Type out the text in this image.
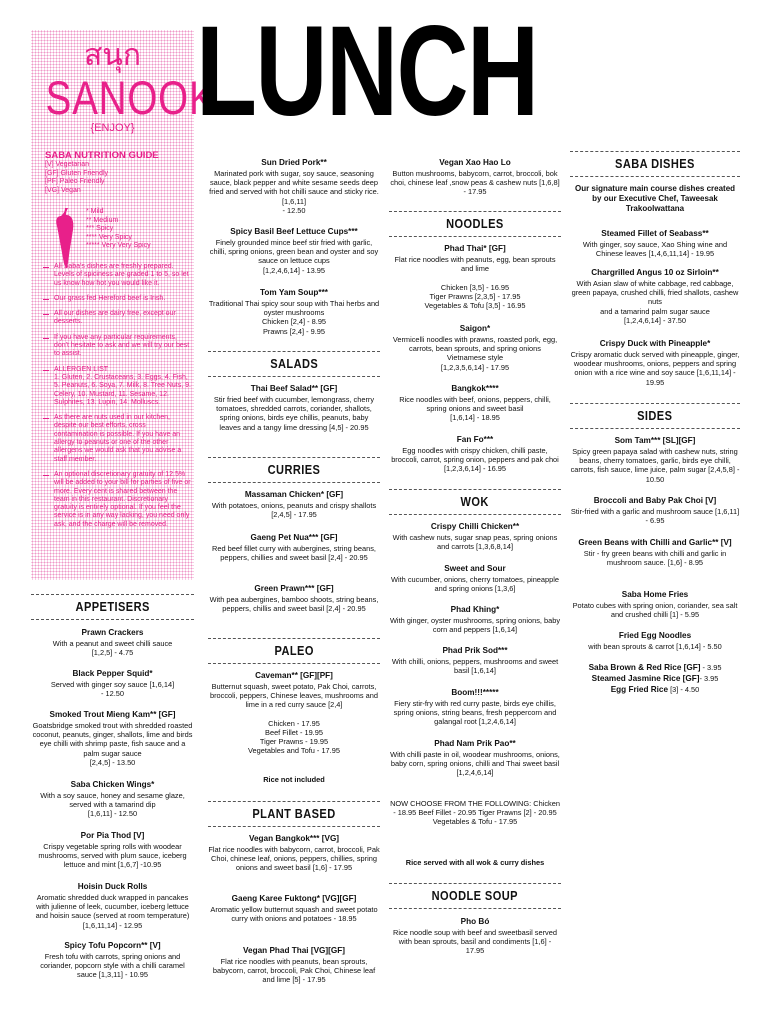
สนุก
SANOOK
{ENJOY}
SABA NUTRITION GUIDE
[V] Vegetarian
[GF] Gluten Friendly
[PF] Paleo Friendly
[VG] Vegan
* Mild
** Medium
*** Spicy
**** Very Spicy
***** Very Very Spicy
All Saba's dishes are freshly prepared. Levels of spiciness are graded 1 to 5, so let us know how hot you would like it.
Our grass fed Hereford beef is Irish.
All our dishes are dairy free, except our desserts.
If you have any particular requirements, don't hesitate to ask and we will try our best to assist.
ALLERGEN LIST
1. Gluten, 2. Crustaceans, 3. Eggs, 4. Fish, 5. Peanuts, 6. Soya, 7. Milk, 8. Tree Nuts, 9. Celery, 10. Mustard, 11. Sesame, 12. Sulphites, 13. Lupin, 14. Molluscs.
As there are nuts used in our kitchen, despite our best efforts, cross contamination is possible. If you have an allergy to peanuts or one of the other allergens we would ask that you advise a staff member.
An optional discretionary gratuity of 12.5% will be added to your bill for parties of five or more. Every cent is shared between the team in this restaurant. Discretionary gratuity is entirely optional. If you feel the service is in any way lacking, you need only ask, and the charge will be removed.
LUNCH
APPETISERS
Prawn Crackers
With a peanut and sweet chilli sauce
[1,2,5] - 4.75
Black Pepper Squid*
Served with ginger soy sauce [1,6,14]
- 12.50
Smoked Trout Mieng Kam** [GF]
Goatsbridge smoked trout with shredded roasted coconut, peanuts, ginger, shallots, lime and birds eye chilli with shrimp paste, fish sauce and a palm sugar sauce
[2,4,5] - 13.50
Saba Chicken Wings*
With a soy sauce, honey and sesame glaze, served with a tamarind dip
[1,6,11] - 12.50
Por Pia Thod [V]
Crispy vegetable spring rolls with woodear mushrooms, served with plum sauce, iceberg lettuce and mint [1,6,7] -10.95
Hoisin Duck Rolls
Aromatic shredded duck wrapped in pancakes with julienne of leek, cucumber, iceberg lettuce and hoisin sauce (served at room temperature) [1,6,11,14] - 12.95
Spicy Tofu Popcorn** [V]
Fresh tofu with carrots, spring onions and coriander, popcorn style with a chilli caramel sauce [1,3,11] - 10.95
Sun Dried Pork**
Marinated pork with sugar, soy sauce, seasoning sauce, black pepper and white sesame seeds deep fried and served with hot chilli sauce and sticky rice. [1,6,11]
- 12.50
Spicy Basil Beef Lettuce Cups***
Finely grounded mince beef stir fried with garlic, chilli, spring onions, green bean and oyster and soy sauce on lettuce cups
[1,2,4,6,14] - 13.95
Tom Yam Soup***
Traditional Thai spicy sour soup with Thai herbs and oyster mushrooms
Chicken [2,4] - 8.95
Prawns [2,4] - 9.95
SALADS
Thai Beef Salad** [GF]
Stir fried beef with cucumber, lemongrass, cherry tomatoes, shredded carrots, coriander, shallots, spring onions, birds eye chillis, peanuts, baby leaves and a tangy lime dressing [4,5] - 20.95
CURRIES
Massaman Chicken* [GF]
With potatoes, onions, peanuts and crispy shallots [2,4,5] - 17.95
Gaeng Pet Nua*** [GF]
Red beef fillet curry with aubergines, string beans, peppers, chillies and sweet basil [2,4] - 20.95
Green Prawn*** [GF]
With pea aubergines, bamboo shoots, string beans, peppers, chillis and sweet basil [2,4] - 20.95
PALEO
Caveman** [GF][PF]
Butternut squash, sweet potato, Pak Choi, carrots, broccoli, peppers, Chinese leaves, mushrooms and lime in a red curry sauce [2,4]

Chicken - 17.95
Beef Fillet - 19.95
Tiger Prawns - 19.95
Vegetables and Tofu - 17.95
Rice not included
PLANT BASED
Vegan Bangkok*** [VG]
Flat rice noodles with babycorn, carrot, broccoli, Pak Choi, chinese leaf, onions, peppers, chillies, spring onions and sweet basil [1,6] - 17.95
Gaeng Karee Fuktong* [VG][GF]
Aromatic yellow butternut squash and sweet potato curry with onions and potatoes - 18.95
Vegan Phad Thai [VG][GF]
Flat rice noodles with peanuts, bean sprouts, babycorn, carrot, broccoli, Pak Choi, Chinese leaf and lime [5] - 17.95
Vegan Xao Hao Lo
Button mushrooms, babycorn, carrot, broccoli, bok choi, chinese leaf ,snow peas & cashew nuts [1,6,8] - 17.95
NOODLES
Phad Thai* [GF]
Flat rice noodles with peanuts, egg, bean sprouts and lime

Chicken [3,5] - 16.95
Tiger Prawns [2,3,5] - 17.95
Vegetables & Tofu [3,5] - 16.95
Saigon*
Vermicelli noodles with prawns, roasted pork, egg, carrots, bean sprouts, and spring onions Vietnamese style
[1,2,3,5,6,14] - 17.95
Bangkok****
Rice noodles with beef, onions, peppers, chilli, spring onions and sweet basil
[1,6,14] - 18.95
Fan Fo***
Egg noodles with crispy chicken, chilli paste, broccoli, carrot, spring onion, peppers and pak choi [1,2,3,6,14] - 16.95
WOK
Crispy Chilli Chicken**
With cashew nuts, sugar snap peas, spring onions and carrots [1,3,6,8,14]
Sweet and Sour
With cucumber, onions, cherry tomatoes, pineapple and spring onions [1,3,6]
Phad Khing*
With ginger, oyster mushrooms, spring onions, baby corn and peppers [1,6,14]
Phad Prik Sod***
With chilli, onions, peppers, mushrooms and sweet basil [1,6,14]
Boom!!!*****
Fiery stir-fry with red curry paste, birds eye chillis, spring onions, string beans, fresh peppercorn and galangal root [1,2,4,6,14]
Phad Nam Prik Pao**
With chilli paste in oil, woodear mushrooms, onions, baby corn, spring onions, chilli and Thai sweet basil
[1,2,4,6,14]
NOW CHOOSE FROM THE FOLLOWING: Chicken - 18.95 Beef Fillet - 20.95 Tiger Prawns [2] - 20.95 Vegetables & Tofu - 17.95
Rice served with all wok & curry dishes
NOODLE SOUP
Pho Bó
Rice noodle soup with beef and sweetbasil served with bean sprouts, basil and condiments [1,6] - 17.95
SABA DISHES
Our signature main course dishes created by our Executive Chef, Taweesak Trakoolwattana
Steamed Fillet of Seabass**
With ginger, soy sauce, Xao Shing wine and Chinese leaves [1,4,6,11,14] - 19.95
Chargrilled Angus 10 oz Sirloin**
With Asian slaw of white cabbage, red cabbage, green papaya, crushed chilli, fried shallots, cashew nuts
and a tamarind palm sugar sauce
[1,2,4,6,14] - 37.50
Crispy Duck with Pineapple*
Crispy aromatic duck served with pineapple, ginger, woodear mushrooms, onions, peppers and spring onion with a rice wine and soy sauce [1,6,11,14] - 19.95
SIDES
Som Tam*** [SL][GF]
Spicy green papaya salad with cashew nuts, string beans, cherry tomatoes, garlic, birds eye chilli, carrots, fish sauce, lime juice, palm sugar [2,4,5,8] - 10.50
Broccoli and Baby Pak Choi [V]
Stir-fried with a garlic and mushroom sauce [1,6,11] - 6.95
Green Beans with Chilli and Garlic** [V]
Stir - fry green beans with chilli and garlic in mushroom sauce. [1,6] - 8.95
Saba Home Fries
Potato cubes with spring onion, coriander, sea salt and crushed chilli [1] - 5.95
Fried Egg Noodles
with bean sprouts & carrot [1,6,14] - 5.50
Saba Brown & Red Rice [GF] - 3.95
Steamed Jasmine Rice [GF]- 3.95
Egg Fried Rice [3] - 4.50
